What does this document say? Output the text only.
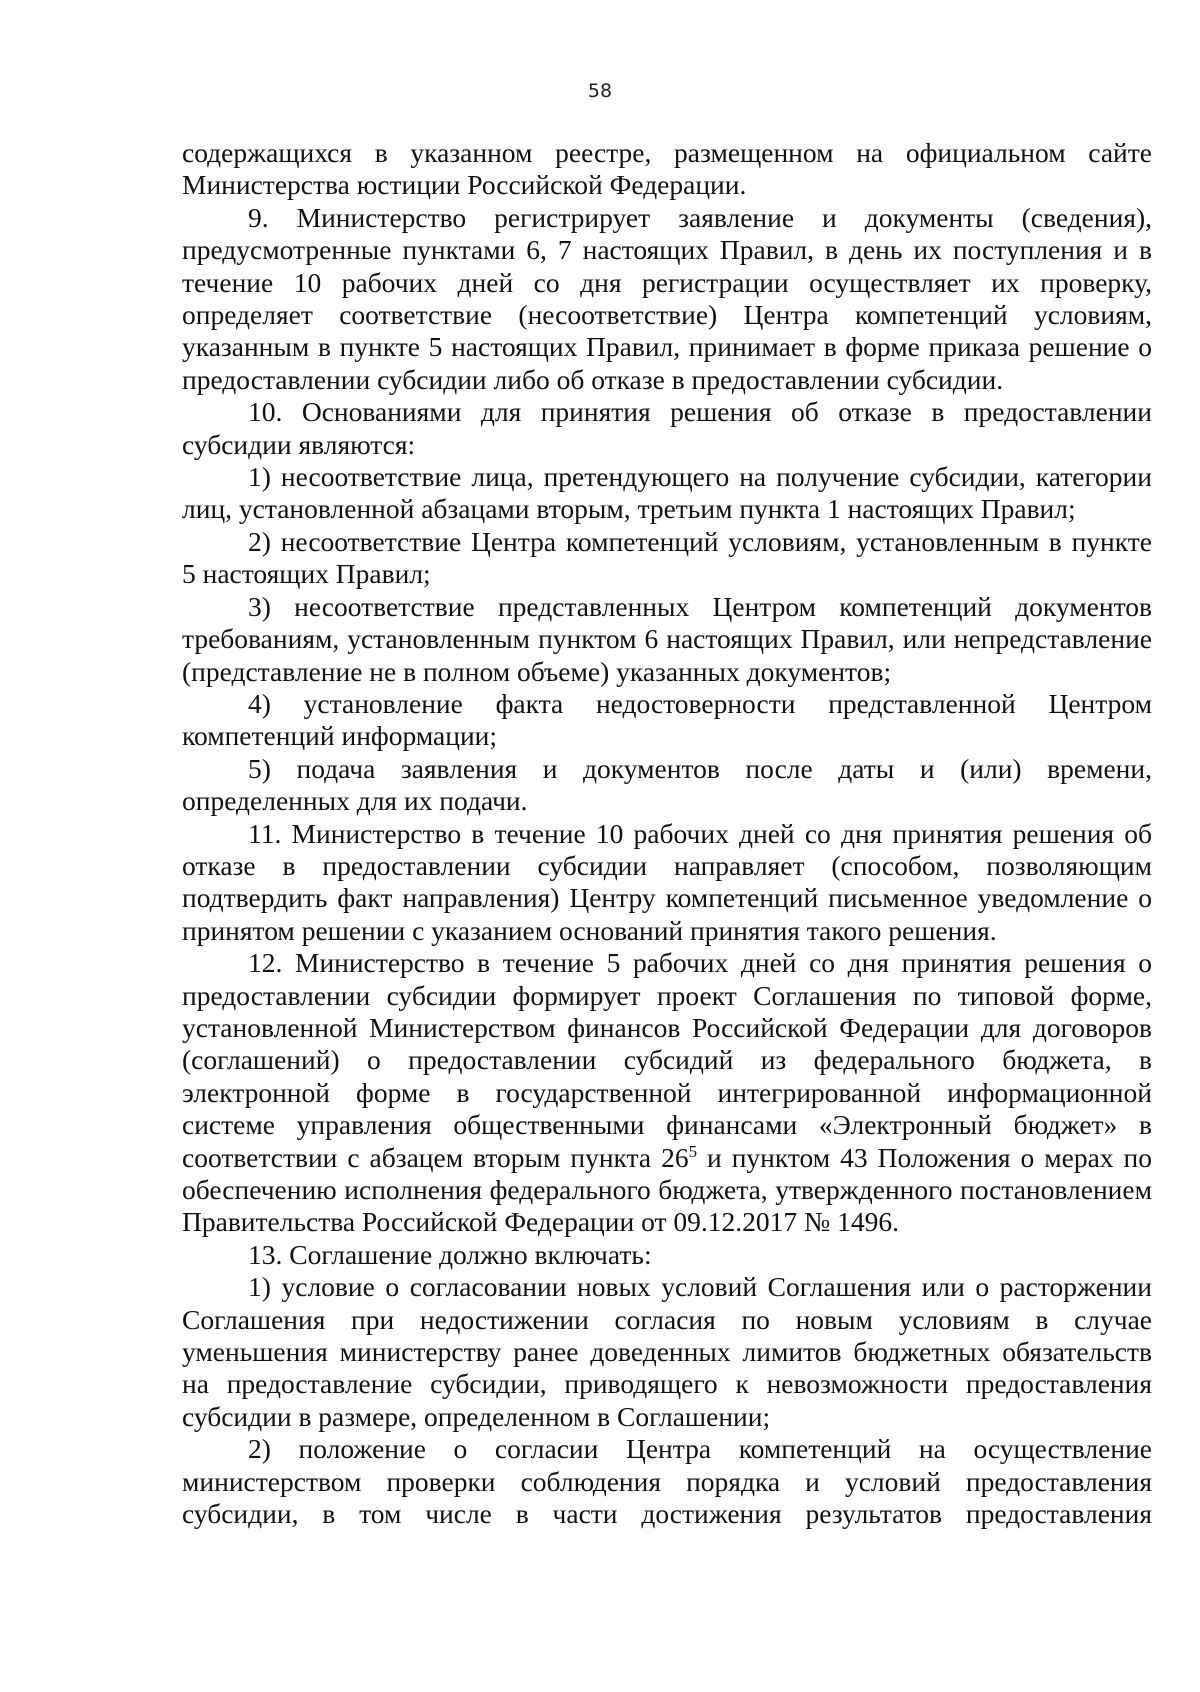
58

содержащихся в указанном реестре, размещенном на официальном сайте Министерства юстиции Российской Федерации.

9. Министерство регистрирует заявление и документы (сведения), предусмотренные пунктами 6, 7 настоящих Правил, в день их поступления и в течение 10 рабочих дней со дня регистрации осуществляет их проверку, определяет соответствие (несоответствие) Центра компетенций условиям, указанным в пункте 5 настоящих Правил, принимает в форме приказа решение о предоставлении субсидии либо об отказе в предоставлении субсидии.

10. Основаниями для принятия решения об отказе в предоставлении субсидии являются:

1) несоответствие лица, претендующего на получение субсидии, категории лиц, установленной абзацами вторым, третьим пункта 1 настоящих Правил;

2) несоответствие Центра компетенций условиям, установленным в пункте 5 настоящих Правил;

3) несоответствие представленных Центром компетенций документов требованиям, установленным пунктом 6 настоящих Правил, или непредставление (представление не в полном объеме) указанных документов;

4) установление факта недостоверности представленной Центром компетенций информации;

5) подача заявления и документов после даты и (или) времени, определенных для их подачи.

11. Министерство в течение 10 рабочих дней со дня принятия решения об отказе в предоставлении субсидии направляет (способом, позволяющим подтвердить факт направления) Центру компетенций письменное уведомление о принятом решении с указанием оснований принятия такого решения.

12. Министерство в течение 5 рабочих дней со дня принятия решения о предоставлении субсидии формирует проект Соглашения по типовой форме, установленной Министерством финансов Российской Федерации для договоров (соглашений) о предоставлении субсидий из федерального бюджета, в электронной форме в государственной интегрированной информационной системе управления общественными финансами «Электронный бюджет» в соответствии с абзацем вторым пункта $26^5$ и пунктом 43 Положения о мерах по обеспечению исполнения федерального бюджета, утвержденного постановлением Правительства Российской Федерации от 09.12.2017 № 1496.

13. Соглашение должно включать:

1) условие о согласовании новых условий Соглашения или о расторжении Соглашения при недостижении согласия по новым условиям в случае уменьшения министерству ранее доведенных лимитов бюджетных обязательств на предоставление субсидии, приводящего к невозможности предоставления субсидии в размере, определенном в Соглашении;

2) положение о согласии Центра компетенций на осуществление министерством проверки соблюдения порядка и условий предоставления субсидии, в том числе в части достижения результатов предоставления
